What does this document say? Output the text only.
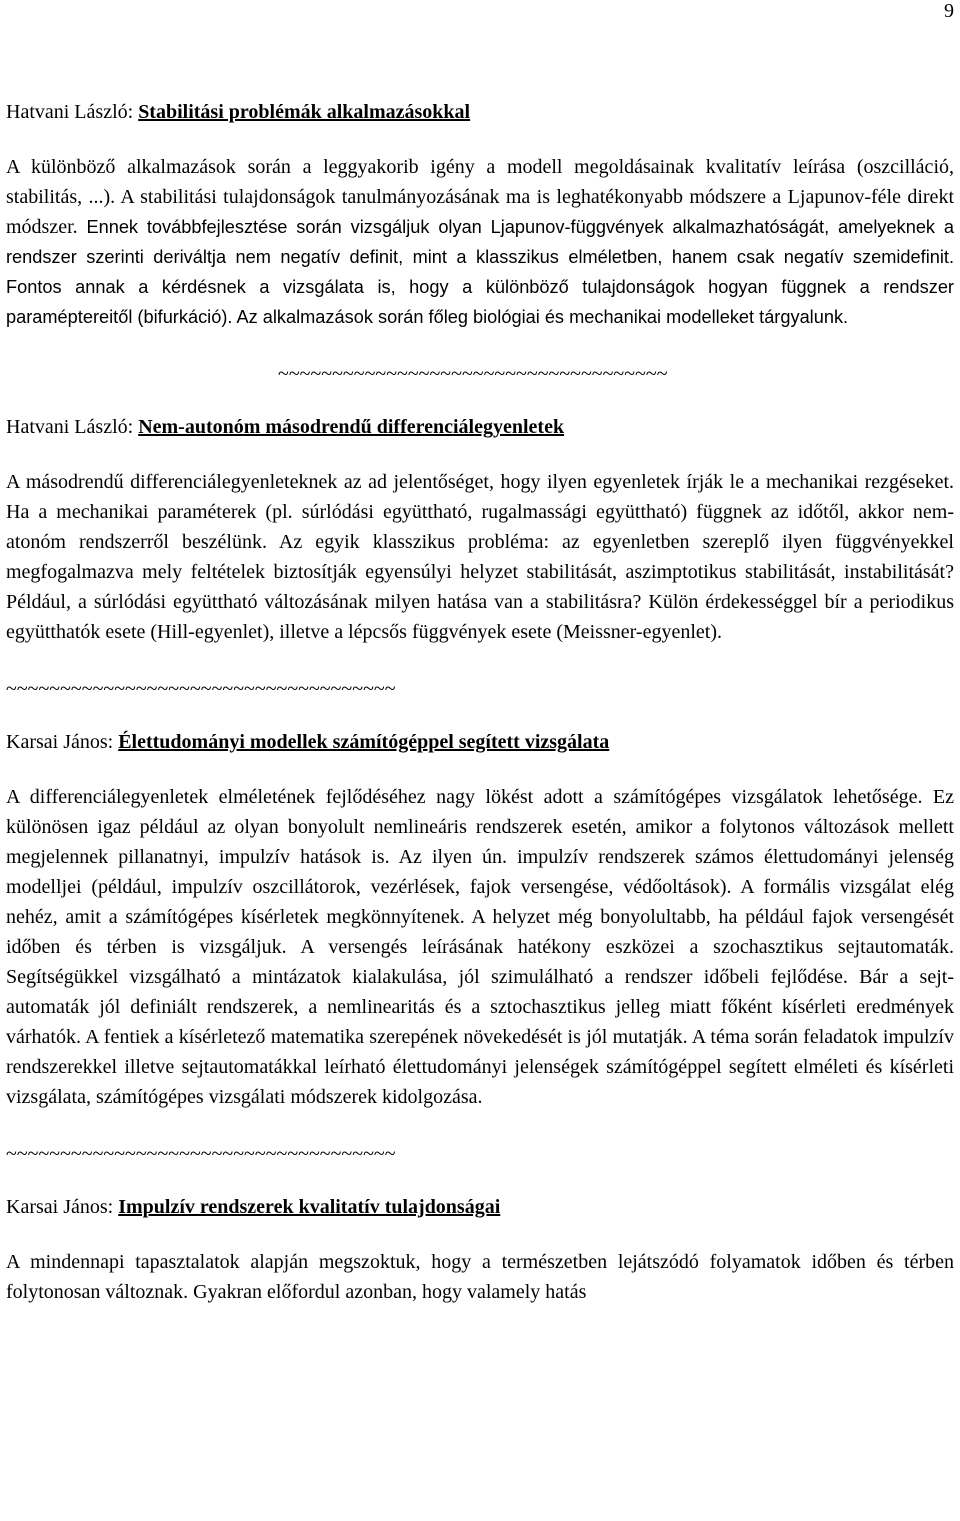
9

Hatvani László: Stabilitási problémák alkalmazásokkal

A különböző alkalmazások során a leggyakorib igény a modell megoldásainak kvalitatív leírása (oszcilláció, stabilitás, ...). A stabilitási tulajdonságok tanulmányozásának ma is leghatékonyabb módszere a Ljapunov-féle direkt módszer. Ennek továbbfejlesztése során vizsgáljuk olyan Ljapunov-függvények alkalmazhatóságát, amelyeknek a rendszer szerinti deriváltja nem negatív definit, mint a klasszikus elméletben, hanem csak negatív szemidefinit. Fontos annak a kérdésnek a vizsgálata is, hogy a különböző tulajdonságok hogyan függnek a rendszer paraméptereitől (bifurkáció). Az alkalmazások során főleg biológiai és mechanikai modelleket tárgyalunk.

~~~~~~~~~~~~~~~~~~~~~~~~~~~~~~~~~~~~

Hatvani László: Nem-autonóm másodrendű differenciálegyenletek

A másodrendű differenciálegyenleteknek az ad jelentőséget, hogy ilyen egyenletek írják le a mechanikai rezgéseket. Ha a mechanikai paraméterek (pl. súrlódási együttható, rugalmassági együttható) függnek az időtől, akkor nem-atonóm rendszerről beszélünk. Az egyik klasszikus probléma: az egyenletben szereplő ilyen függvényekkel megfogalmazva mely feltételek biztosítják egyensúlyi helyzet stabilitását, aszimptotikus stabilitását, instabilitását? Például, a súrlódási együttható változásának milyen hatása van a stabilitásra? Külön érdekességgel bír a periodikus együtthatók esete (Hill-egyenlet), illetve a lépcsős függvények esete (Meissner-egyenlet).

~~~~~~~~~~~~~~~~~~~~~~~~~~~~~~~~~~~~

Karsai János: Élettudományi modellek számítógéppel segített vizsgálata

A differenciálegyenletek elméletének fejlődéséhez nagy lökést adott a számítógépes vizsgálatok lehetősége. Ez különösen igaz például az olyan bonyolult nemlineáris rendszerek esetén, amikor a folytonos változások mellett megjelennek pillanatnyi, impulzív hatások is. Az ilyen ún. impulzív rendszerek számos élettudományi jelenség modelljei (például, impulzív oszcillátorok, vezérlések, fajok versengése, védőoltások). A formális vizsgálat elég nehéz, amit a számítógépes kísérletek megkönnyítenek. A helyzet még bonyolultabb, ha például fajok versengését időben és térben is vizsgáljuk. A versengés leírásának hatékony eszközei a szochasztikus sejtautomaták. Segítségükkel vizsgálható a mintázatok kialakulása, jól szimulálható a rendszer időbeli fejlődése. Bár a sejt-automaták jól definiált rendszerek, a nemlinearitás és a sztochasztikus jelleg miatt főként kísérleti eredmények várhatók. A fentiek a kísérletező matematika szerepének növekedését is jól mutatják. A téma során feladatok impulzív rendszerekkel illetve sejtautomatákkal leírható élettudományi jelenségek számítógéppel segített elméleti és kísérleti vizsgálata, számítógépes vizsgálati módszerek kidolgozása.

~~~~~~~~~~~~~~~~~~~~~~~~~~~~~~~~~~~~

Karsai János: Impulzív rendszerek kvalitatív tulajdonságai

A mindennapi tapasztalatok alapján megszoktuk, hogy a természetben lejátszódó folyamatok időben és térben folytonosan változnak. Gyakran előfordul azonban, hogy valamely hatás
